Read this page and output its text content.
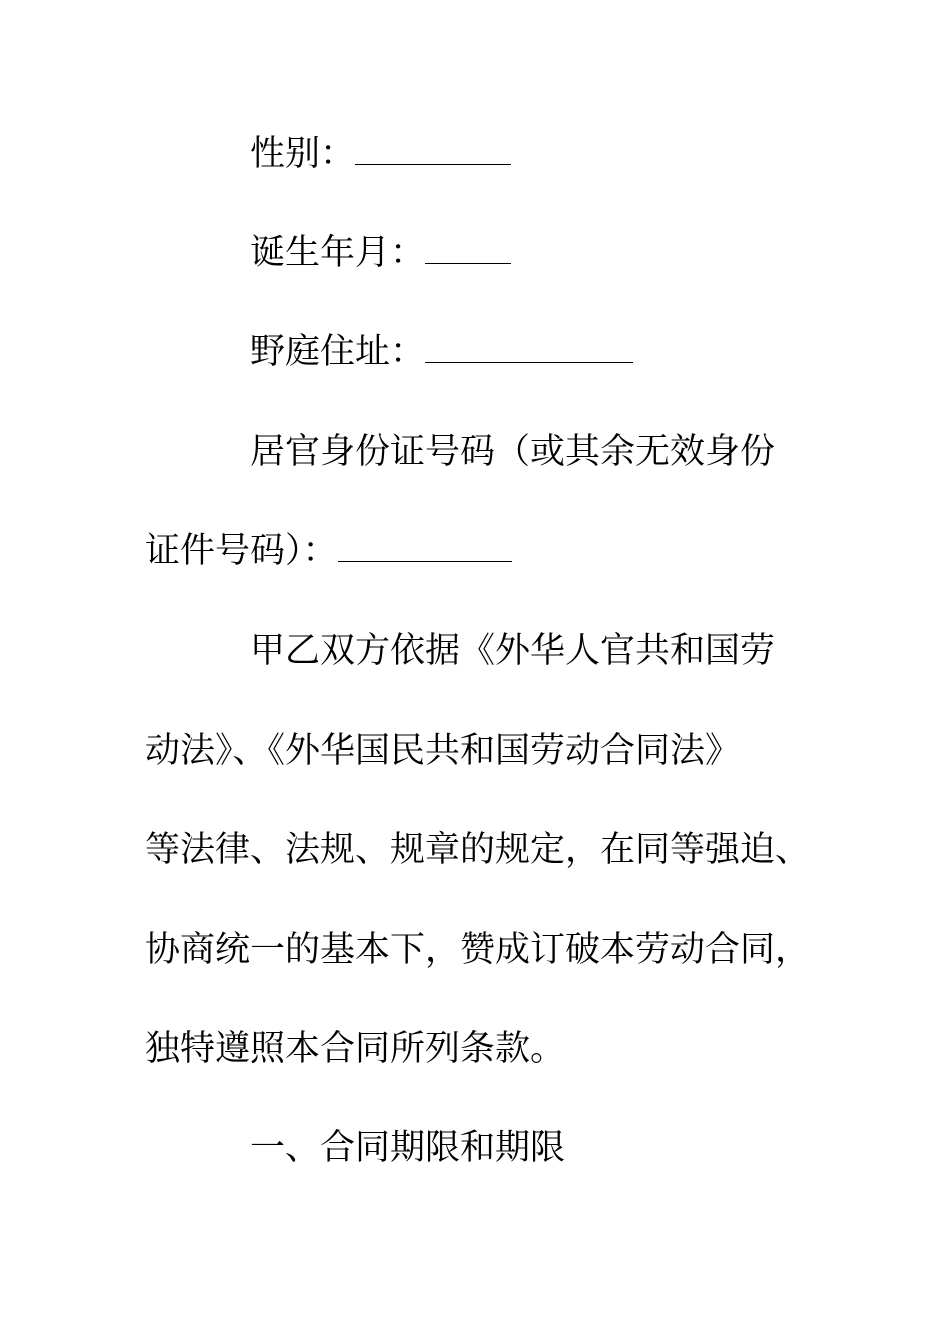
性别：
诞生年月：
野庭住址：
居官身份证号码（或其余无效身份
证件号码）：
甲乙双方依据《外华人官共和国劳
动法》、《外华国民共和国劳动合同法》
等法律、法规、规章的规定，在同等强迫、
协商统一的基本下，赞成订破本劳动合同，
独特遵照本合同所列条款。
一、合同期限和期限
